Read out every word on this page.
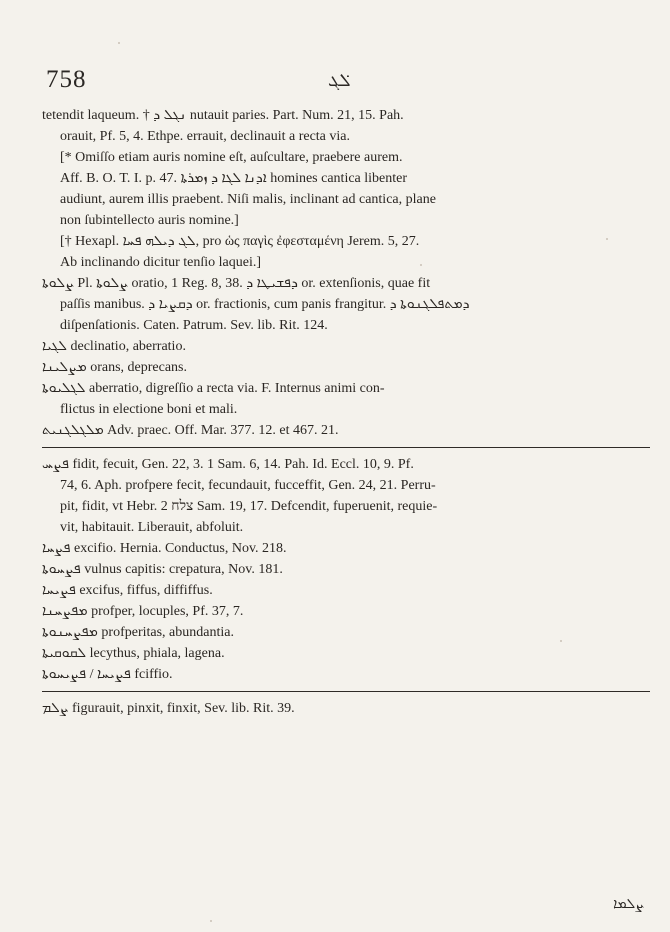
758	ܠ݁ܓ

tetendit laqueum. † ܢܓܠ ܕ nutauit paries. Part. Num. 21, 15. Pah.

orauit, Pf. 5, 4. Ethpe. errauit, declinauit a recta via.

[* Omiſſo etiam auris nomine eſt, auſcultare, praebere aurem.

Aff. B. O. T. I. p. 47. ܐܕܢܐ ܠܓܐ ܕ ܙܡܪܬܐ homines cantica libenter

audiunt, aurem illis praebent. Niſi malis, inclinant ad cantica, plane

non ſubintellecto auris nomine.]

[† Hexapl. ܠܓ ܕܝܠܗ ܦܚܐ, pro ὡς παγὶς ἐφεσταμένη Jerem. 5, 27.

Ab inclinando dicitur tenſio laquei.]

ܨܠܘܬܐ Pl. ܨܠܘܬܐ oratio, 1 Reg. 8, 38. ܕܦܫܝܛܐ ܕ or. extenſionis, quae fit

paſſis manibus. ܕܩܨܝܐ ܕ or. fractionis, cum panis frangitur. ܕܡܬܦܠܓܢܘܬܐ ܕ

diſpenſationis. Caten. Patrum. Sev. lib. Rit. 124.

ܠܓܝܐ declinatio, aberratio.

ܡܨܠܝܢܐ orans, deprecans.

ܠܓܠܝܘܬܐ aberratio, digreſſio a recta via. F. Internus animi con-

flictus in electione boni et mali.

ܡܠܓܠܓܢܝܬ Adv. praec. Off. Mar. 377. 12. et 467. 21.

ܦܨܚ fidit, fecuit, Gen. 22, 3. 1 Sam. 6, 14. Pah. Id. Eccl. 10, 9. Pf.

74, 6. Aph. profpere fecit, fecundauit, fucceffit, Gen. 24, 21. Perru-

pit, fidit, vt Hebr. צלח 2 Sam. 19, 17. Defcendit, fuperuenit, requie-

vit, habitauit. Liberauit, abfoluit.

ܦܨܚܐ excifio. Hernia. Conductus, Nov. 218.

ܦܨܚܘܬܐ vulnus capitis: crepatura, Nov. 181.

ܦܨܝܚܐ excifus, fiffus, diffiffus.

ܡܦܨܚܢܐ profper, locuples, Pf. 37, 7.

ܡܦܨܚܢܘܬܐ profperitas, abundantia.

ܠܩܘܩܝܬܐ lecythus, phiala, lagena.

ܦܨܝܚܐ / ܦܨܝܚܘܬܐ fciffio.

ܨܠܡ figurauit, pinxit, finxit, Sev. lib. Rit. 39.

ܨܠܡܐ
